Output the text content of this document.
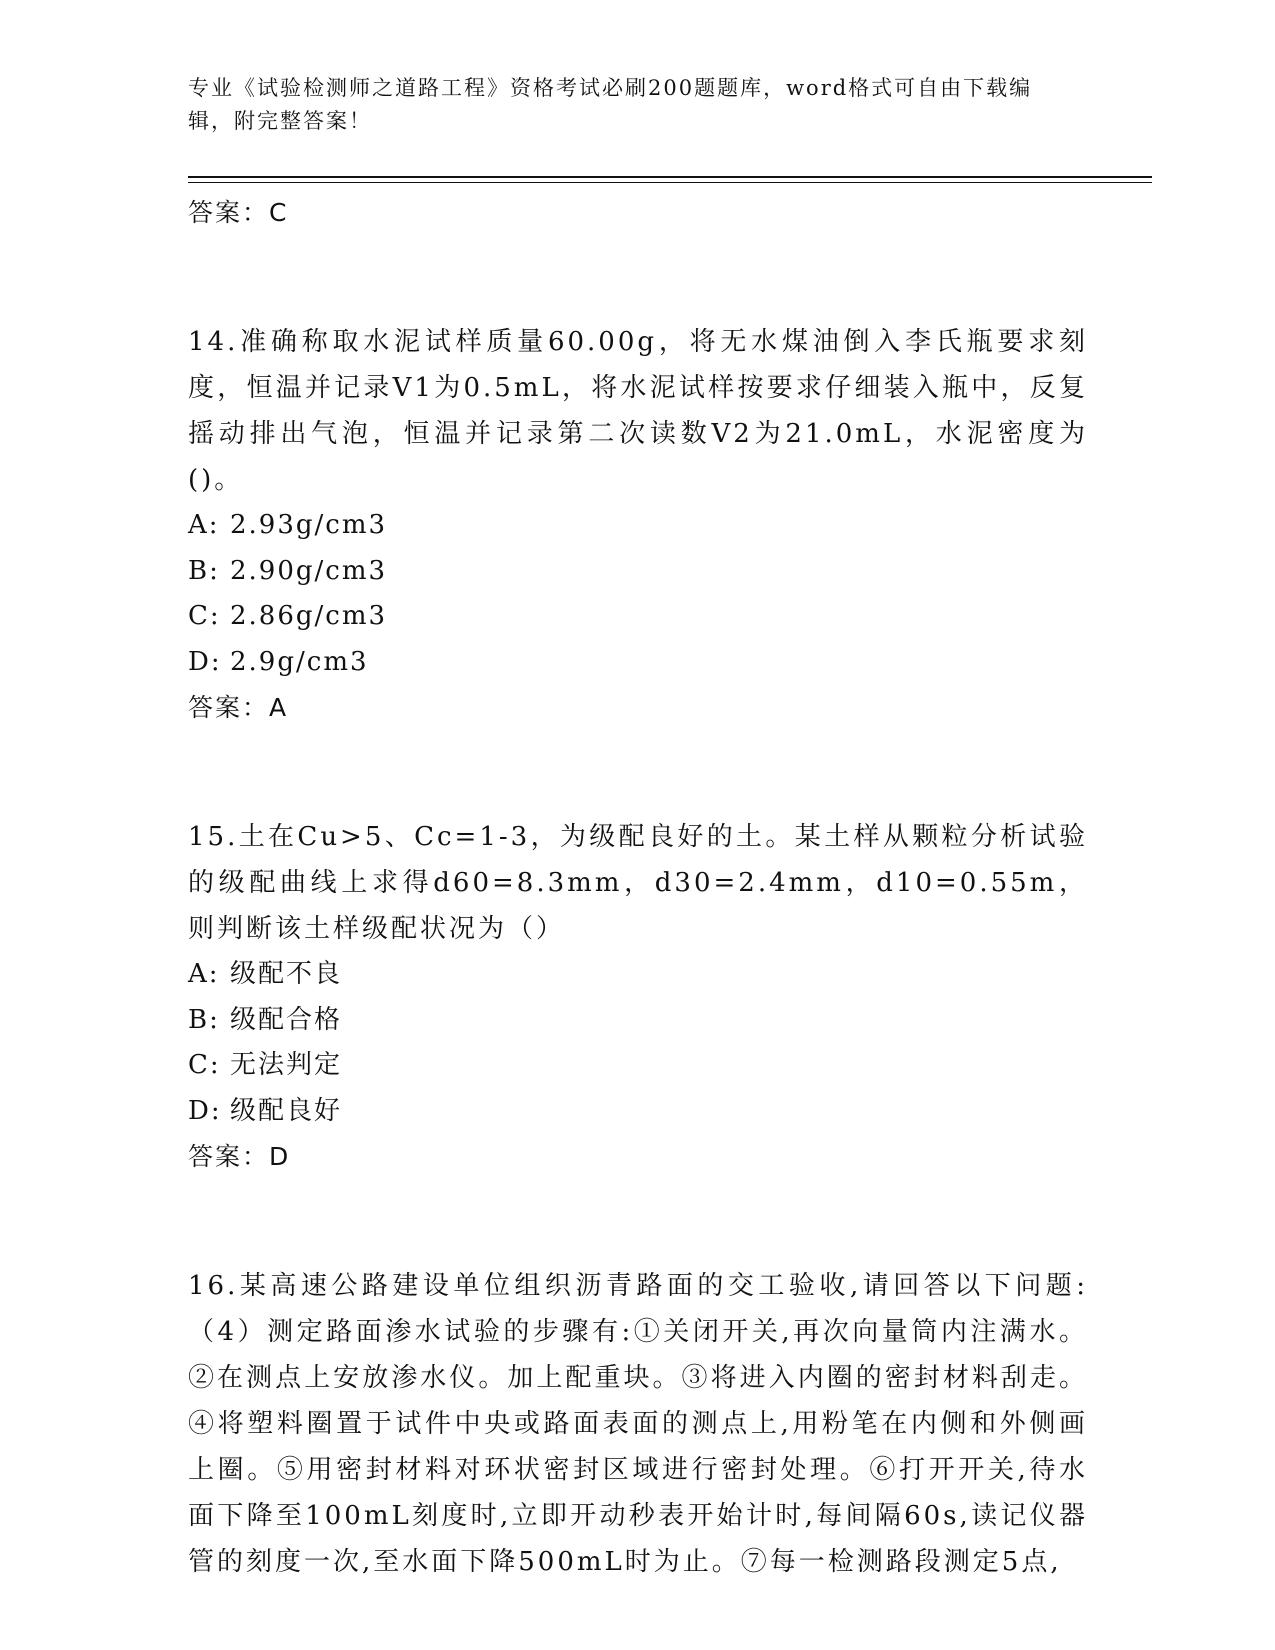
专业《试验检测师之道路工程》资格考试必刷200题题库，word格式可自由下载编辑，附完整答案！
答案：C
14.准确称取水泥试样质量60.00g，将无水煤油倒入李氏瓶要求刻度，恒温并记录V1为0.5mL，将水泥试样按要求仔细装入瓶中，反复摇动排出气泡，恒温并记录第二次读数V2为21.0mL，水泥密度为()。
A: 2.93g/cm3
B: 2.90g/cm3
C: 2.86g/cm3
D: 2.9g/cm3
答案：A
15.土在Cu>5、Cc=1-3，为级配良好的土。某土样从颗粒分析试验的级配曲线上求得d60=8.3mm，d30=2.4mm，d10=0.55m，则判断该土样级配状况为（）
A: 级配不良
B: 级配合格
C: 无法判定
D: 级配良好
答案：D
16.某高速公路建设单位组织沥青路面的交工验收,请回答以下问题:（4）测定路面渗水试验的步骤有:①关闭开关,再次向量筒内注满水。②在测点上安放渗水仪。加上配重块。③将进入内圈的密封材料刮走。④将塑料圈置于试件中央或路面表面的测点上,用粉笔在内侧和外侧画上圈。⑤用密封材料对环状密封区域进行密封处理。⑥打开开关,待水面下降至100mL刻度时,立即开动秒表开始计时,每间隔60s,读记仪器管的刻度一次,至水面下降500mL时为止。⑦每一检测路段测定5点,
